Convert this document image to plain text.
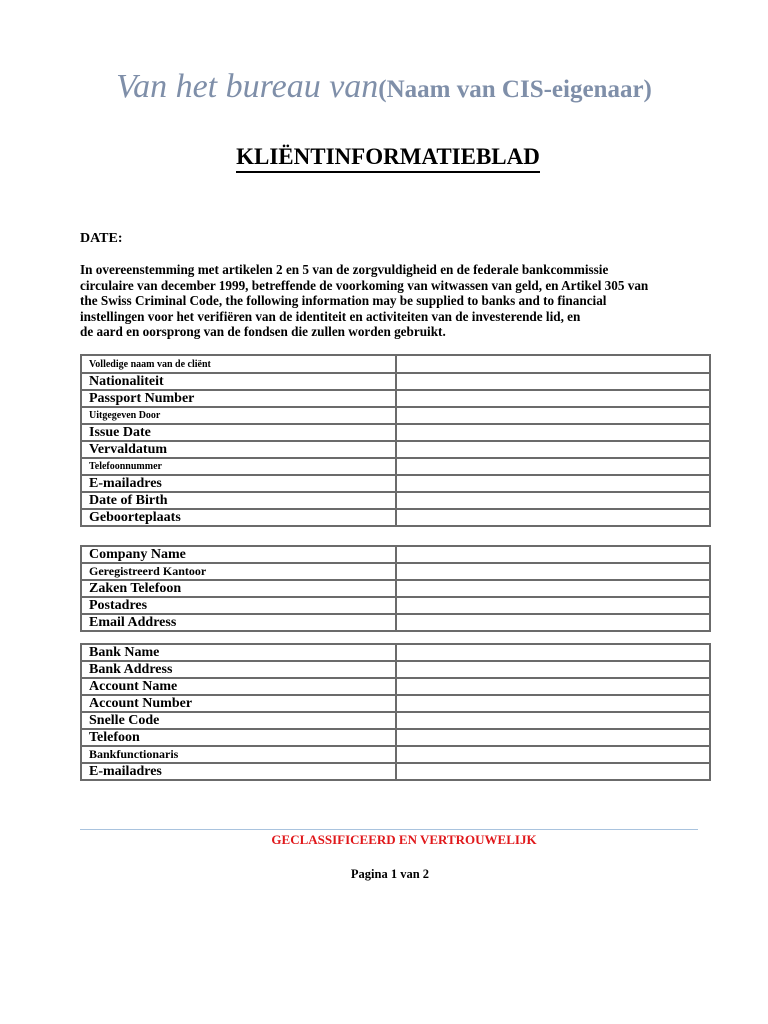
Van het bureau van(Naam van CIS-eigenaar)
KLIËNTINFORMATIEBLAD
DATE:
In overeenstemming met artikelen 2 en 5 van de zorgvuldigheid en de federale bankcommissie
circulaire van december 1999, betreffende de voorkoming van witwassen van geld, en Artikel 305 van
the Swiss Criminal Code, the following information may be supplied to banks and to financial
instellingen voor het verifiëren van de identiteit en activiteiten van de investerende lid, en
de aard en oorsprong van de fondsen die zullen worden gebruikt.
Volledige naam van de cliënt	
Nationaliteit	
Passport Number	
Uitgegeven Door	
Issue Date	
Vervaldatum	
Telefoonnummer	
E-mailadres	
Date of Birth	
Geboorteplaats	
Company Name	
Geregistreerd Kantoor	
Zaken Telefoon	
Postadres	
Email Address	
Bank Name	
Bank Address	
Account Name	
Account Number	
Snelle Code	
Telefoon	
Bankfunctionaris	
E-mailadres	
GECLASSIFICEERD EN VERTROUWELIJK
Pagina 1 van 2
